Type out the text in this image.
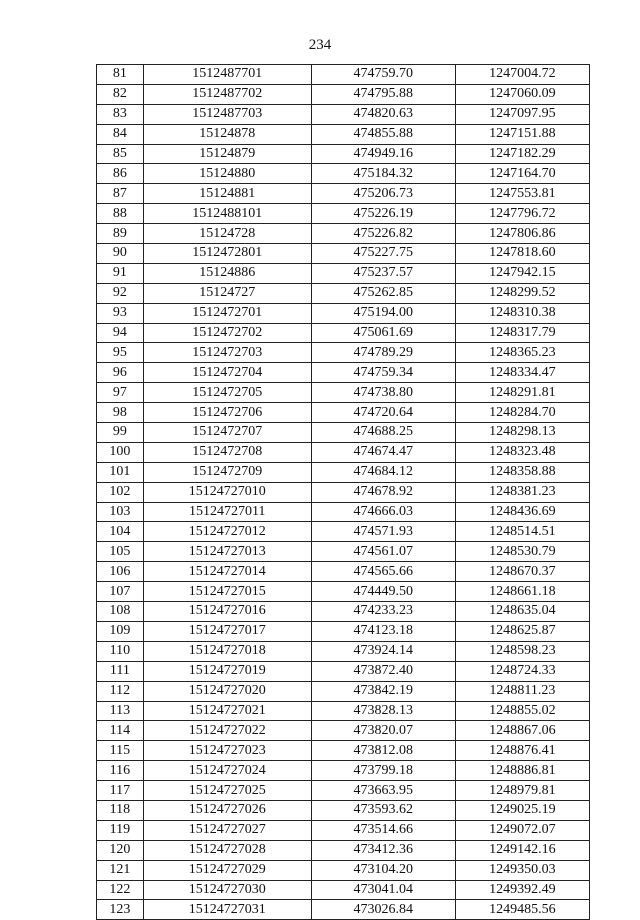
234
81	1512487701	474759.70	1247004.72
82	1512487702	474795.88	1247060.09
83	1512487703	474820.63	1247097.95
84	15124878	474855.88	1247151.88
85	15124879	474949.16	1247182.29
86	15124880	475184.32	1247164.70
87	15124881	475206.73	1247553.81
88	1512488101	475226.19	1247796.72
89	15124728	475226.82	1247806.86
90	1512472801	475227.75	1247818.60
91	15124886	475237.57	1247942.15
92	15124727	475262.85	1248299.52
93	1512472701	475194.00	1248310.38
94	1512472702	475061.69	1248317.79
95	1512472703	474789.29	1248365.23
96	1512472704	474759.34	1248334.47
97	1512472705	474738.80	1248291.81
98	1512472706	474720.64	1248284.70
99	1512472707	474688.25	1248298.13
100	1512472708	474674.47	1248323.48
101	1512472709	474684.12	1248358.88
102	15124727010	474678.92	1248381.23
103	15124727011	474666.03	1248436.69
104	15124727012	474571.93	1248514.51
105	15124727013	474561.07	1248530.79
106	15124727014	474565.66	1248670.37
107	15124727015	474449.50	1248661.18
108	15124727016	474233.23	1248635.04
109	15124727017	474123.18	1248625.87
110	15124727018	473924.14	1248598.23
111	15124727019	473872.40	1248724.33
112	15124727020	473842.19	1248811.23
113	15124727021	473828.13	1248855.02
114	15124727022	473820.07	1248867.06
115	15124727023	473812.08	1248876.41
116	15124727024	473799.18	1248886.81
117	15124727025	473663.95	1248979.81
118	15124727026	473593.62	1249025.19
119	15124727027	473514.66	1249072.07
120	15124727028	473412.36	1249142.16
121	15124727029	473104.20	1249350.03
122	15124727030	473041.04	1249392.49
123	15124727031	473026.84	1249485.56
